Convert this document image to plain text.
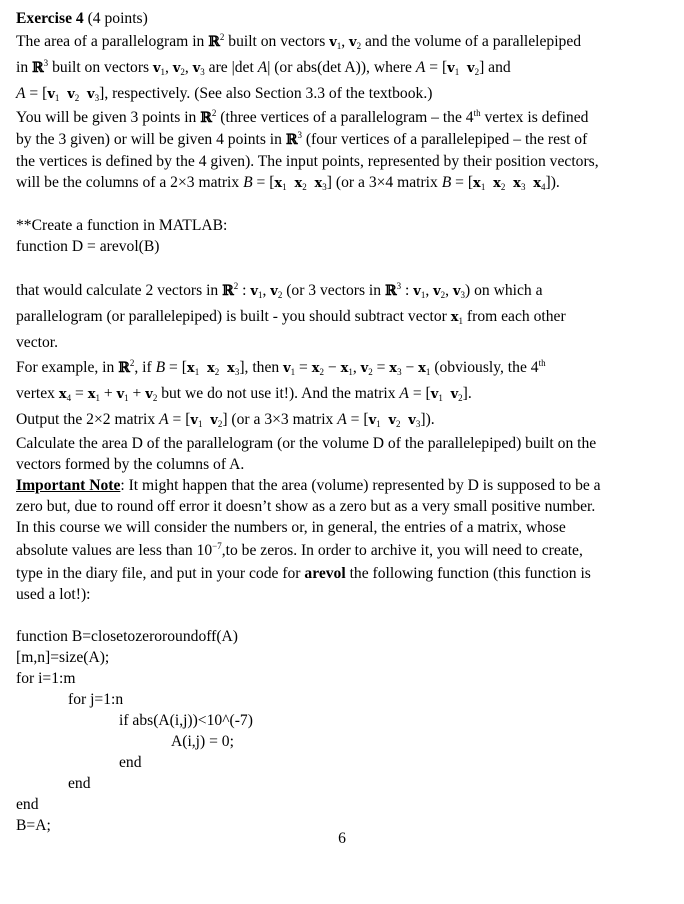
Exercise 4 (4 points)

The area of a parallelogram in ℝ$^2$ built on vectors $v_1$, $v_2$ and the volume of a parallelepiped

in ℝ$^3$ built on vectors $v_1$, $v_2$, $v_3$ are |det A| (or abs(det A)), where $A = [v_1$ $v_2$] and

$A = [v_1$ $v_2$ $v_3$], respectively. (See also Section 3.3 of the textbook.)

You will be given 3 points in ℝ$^2$ (three vertices of a parallelogram – the 4th vertex is defined

by the 3 given) or will be given 4 points in ℝ$^3$ (four vertices of a parallelepiped – the rest of

the vertices is defined by the 4 given). The input points, represented by their position vectors,

will be the columns of a 2×3 matrix $B = [x_1$ $x_2$ $x_3$] (or a 3×4 matrix $B = [x_1$ $x_2$ $x_3$ $x_4$]).

**Create a function in MATLAB:

function D = arevol(B)

that would calculate 2 vectors in ℝ$^2$ : $v_1$, $v_2$ (or 3 vectors in ℝ$^3$ : $v_1$, $v_2$, $v_3$) on which a

parallelogram (or parallelepiped) is built - you should subtract vector $x_1$ from each other

vector.

For example, in ℝ$^2$, if $B = [x_1$ $x_2$ $x_3$], then $v_1 = x_2 - x_1$, $v_2 = x_3 - x_1$ (obviously, the 4th

vertex $x_4 = x_1 + v_1 + v_2$ but we do not use it!). And the matrix $A = [v_1$ $v_2$].

Output the 2×2 matrix $A = [v_1$ $v_2$] (or a 3×3 matrix $A = [v_1$ $v_2$ $v_3$]).

Calculate the area D of the parallelogram (or the volume D of the parallelepiped) built on the

vectors formed by the columns of A.

Important Note: It might happen that the area (volume) represented by D is supposed to be a

zero but, due to round off error it doesn’t show as a zero but as a very small positive number.

In this course we will consider the numbers or, in general, the entries of a matrix, whose

absolute values are less than $10^{-7},to$ be zeros. In order to archive it, you will need to create,

type in the diary file, and put in your code for arevol the following function (this function is

used a lot!):

function B=closetozeroroundoff(A)

[m,n]=size(A);

for i=1:m

for j=1:n

if abs(A(i,j))<10^(-7)

A(i,j) = 0;

end

end

end

B=A;

6
